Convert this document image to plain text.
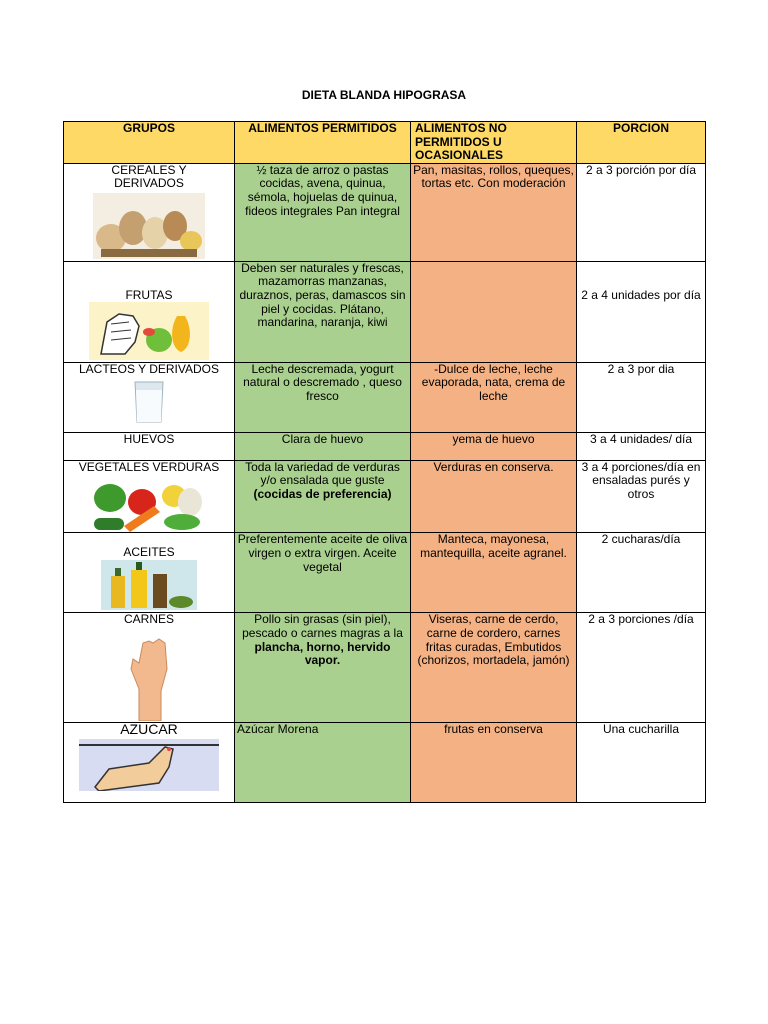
DIETA BLANDA HIPOGRASA
GRUPOS	ALIMENTOS PERMITIDOS	ALIMENTOS NO PERMITIDOS U OCASIONALES	PORCION

CEREALES Y DERIVADOS	½ taza de arroz o pastas cocidas, avena, quinua, sémola, hojuelas de quinua, fideos integrales Pan integral	Pan, masitas, rollos, queques, tortas etc. Con moderación	2 a 3 porción por día

FRUTAS	Deben ser naturales y frescas, mazamorras manzanas, duraznos, peras, damascos sin piel y cocidas. Plátano, mandarina, naranja, kiwi		2 a 4 unidades por día

LACTEOS Y DERIVADOS	Leche descremada, yogurt natural o descremado , queso fresco	-Dulce de leche, leche evaporada, nata, crema de leche	2 a 3 por dia

HUEVOS	Clara de huevo	yema de huevo	3 a 4 unidades/ día

VEGETALES VERDURAS	Toda la variedad de verduras y/o ensalada que guste
(cocidas de preferencia)	Verduras en conserva.	3 a 4 porciones/día en ensaladas purés y otros

ACEITES	Preferentemente aceite de oliva virgen o extra virgen. Aceite vegetal	Manteca, mayonesa, mantequilla, aceite agranel.	2 cucharas/día

CARNES	Pollo sin grasas (sin piel), pescado o carnes magras a la plancha, horno, hervido vapor.	Viseras, carne de cerdo, carne de cordero, carnes fritas curadas, Embutidos (chorizos, mortadela, jamón)	2 a 3 porciones /día

AZUCAR	Azúcar Morena	frutas en conserva	Una cucharilla
